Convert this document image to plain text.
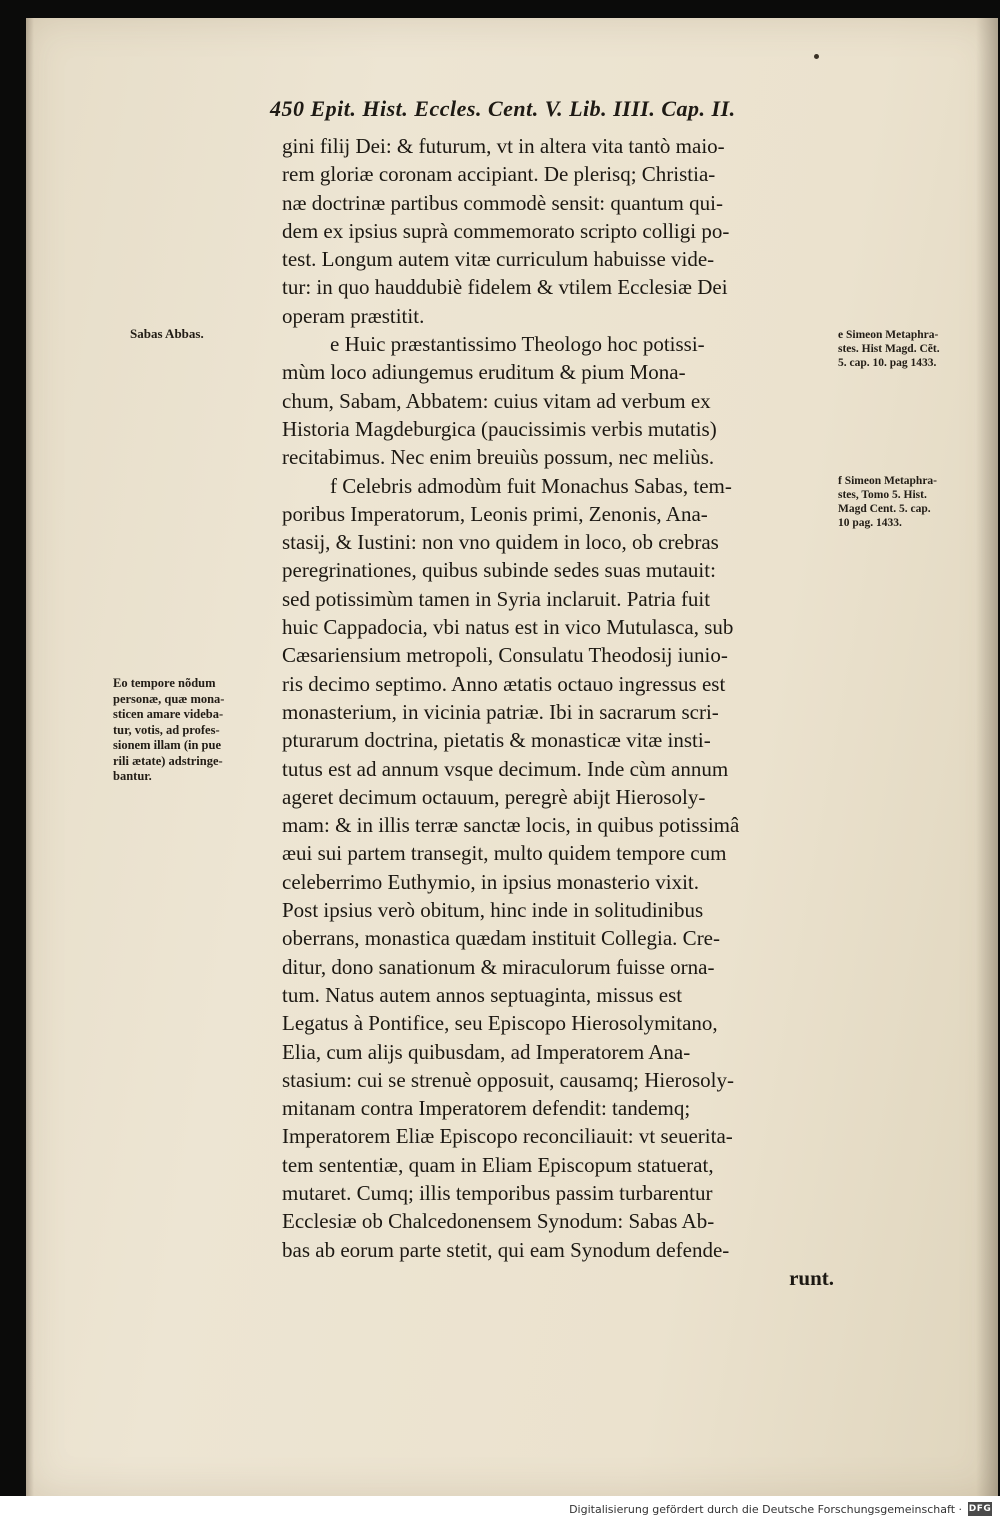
450 Epit. Hist. Eccles. Cent. V. Lib. IIII. Cap. II.
gini filij Dei: & futurum, vt in altera vita tantò maio-
rem gloriæ coronam accipiant. De plerisq; Christia-
næ doctrinæ partibus commodè sensit: quantum qui-
dem ex ipsius suprà commemorato scripto colligi po-
test. Longum autem vitæ curriculum habuisse vide-
tur: in quo hauddubiè fidelem & vtilem Ecclesiæ Dei
operam præstitit.
e Huic præstantissimo Theologo hoc potissi-
mùm loco adiungemus eruditum & pium Mona-
chum, Sabam, Abbatem: cuius vitam ad verbum ex
Historia Magdeburgica (paucissimis verbis mutatis)
recitabimus. Nec enim breuiùs possum, nec meliùs.
f Celebris admodùm fuit Monachus Sabas, tem-
poribus Imperatorum, Leonis primi, Zenonis, Ana-
stasij, & Iustini: non vno quidem in loco, ob crebras
peregrinationes, quibus subinde sedes suas mutauit:
sed potissimùm tamen in Syria inclaruit. Patria fuit
huic Cappadocia, vbi natus est in vico Mutulasca, sub
Cæsariensium metropoli, Consulatu Theodosij iunio-
ris decimo septimo. Anno ætatis octauo ingressus est
monasterium, in vicinia patriæ. Ibi in sacrarum scri-
pturarum doctrina, pietatis & monasticæ vitæ insti-
tutus est ad annum vsque decimum. Inde cùm annum
ageret decimum octauum, peregrè abijt Hierosoly-
mam: & in illis terræ sanctæ locis, in quibus potissimâ
æui sui partem transegit, multo quidem tempore cum
celeberrimo Euthymio, in ipsius monasterio vixit.
Post ipsius verò obitum, hinc inde in solitudinibus
oberrans, monastica quædam instituit Collegia. Cre-
ditur, dono sanationum & miraculorum fuisse orna-
tum. Natus autem annos septuaginta, missus est
Legatus à Pontifice, seu Episcopo Hierosolymitano,
Elia, cum alijs quibusdam, ad Imperatorem Ana-
stasium: cui se strenuè opposuit, causamq; Hierosoly-
mitanam contra Imperatorem defendit: tandemq;
Imperatorem Eliæ Episcopo reconciliauit: vt seuerita-
tem sententiæ, quam in Eliam Episcopum statuerat,
mutaret. Cumq; illis temporibus passim turbarentur
Ecclesiæ ob Chalcedonensem Synodum: Sabas Ab-
bas ab eorum parte stetit, qui eam Synodum defende-
runt.
Sabas Abbas.
Eo tempore nõdum
personæ, quæ mona-
sticen amare videba-
tur, votis, ad profes-
sionem illam (in pue
rili ætate) adstringe-
bantur.
e Simeon Metaphra-
stes. Hist Magd. Cẽt.
5. cap. 10. pag 1433.
f Simeon Metaphra-
stes, Tomo 5. Hist.
Magd Cent. 5. cap.
10 pag. 1433.
Digitalisierung gefördert durch die Deutsche Forschungsgemeinschaft · DFG
